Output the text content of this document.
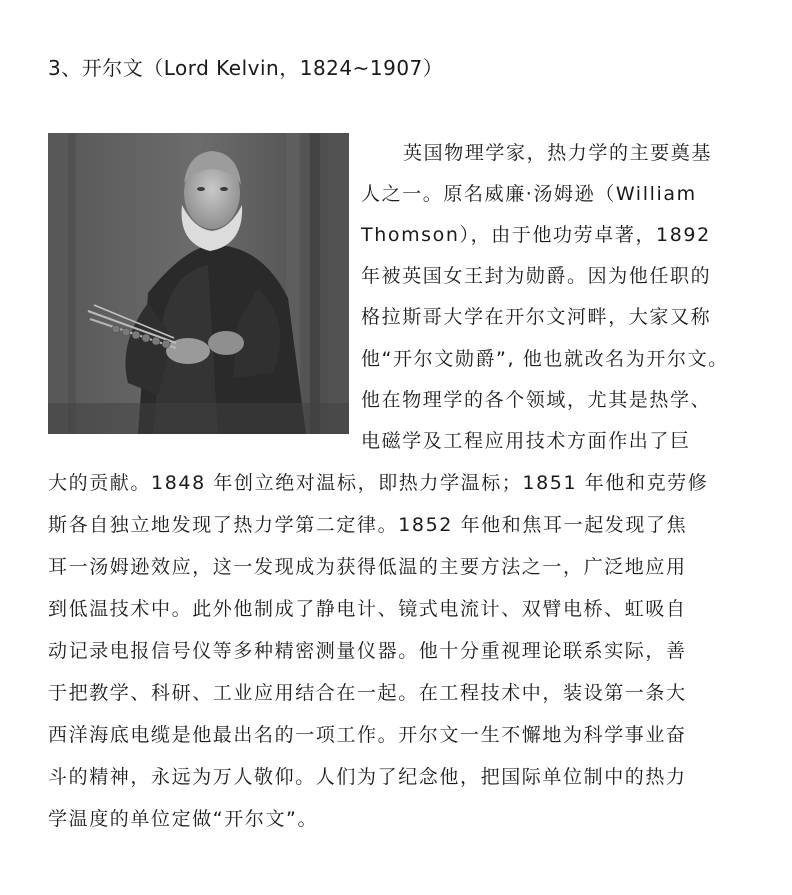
3、开尔文（Lord Kelvin，1824~1907）
英国物理学家，热力学的主要奠基
人之一。原名威廉·汤姆逊（William
Thomson），由于他功劳卓著，1892
年被英国女王封为勋爵。因为他任职的
格拉斯哥大学在开尔文河畔，大家又称
他“开尔文勋爵”, 他也就改名为开尔文。
他在物理学的各个领域，尤其是热学、
电磁学及工程应用技术方面作出了巨
大的贡献。1848 年创立绝对温标，即热力学温标；1851 年他和克劳修
斯各自独立地发现了热力学第二定律。1852 年他和焦耳一起发现了焦
耳一汤姆逊效应，这一发现成为获得低温的主要方法之一，广泛地应用
到低温技术中。此外他制成了静电计、镜式电流计、双臂电桥、虹吸自
动记录电报信号仪等多种精密测量仪器。他十分重视理论联系实际，善
于把教学、科研、工业应用结合在一起。在工程技术中，装设第一条大
西洋海底电缆是他最出名的一项工作。开尔文一生不懈地为科学事业奋
斗的精神，永远为万人敬仰。人们为了纪念他，把国际单位制中的热力
学温度的单位定做“开尔文”。
